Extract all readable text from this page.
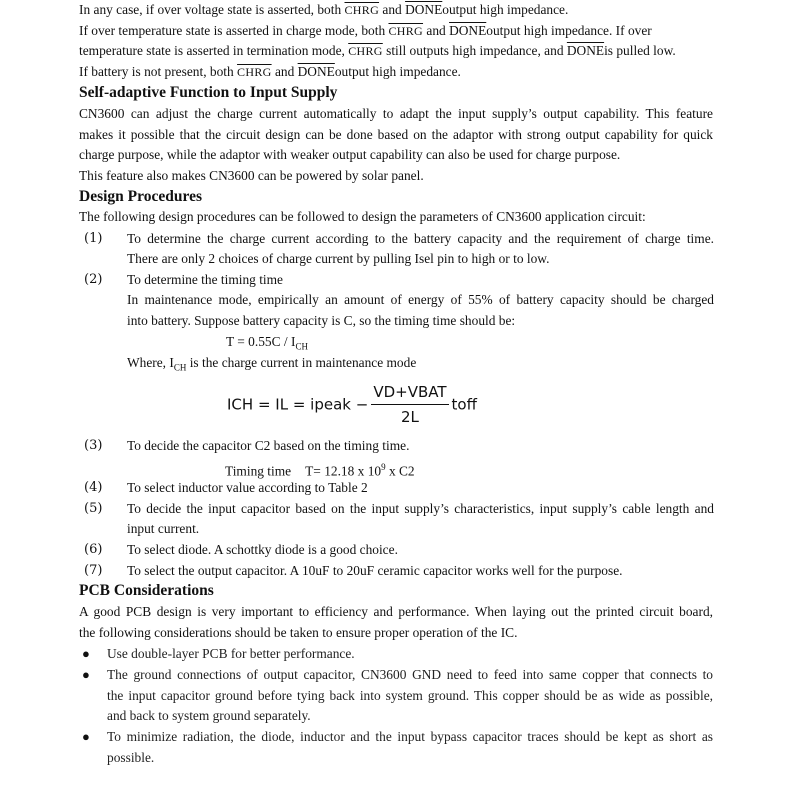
In any case, if over voltage state is asserted, both CHRG and DONEoutput high impedance.
If over temperature state is asserted in charge mode, both CHRG and DONEoutput high impedance. If over
temperature state is asserted in termination mode, CHRG still outputs high impedance, and DONEis pulled low.
If battery is not present, both CHRG and DONEoutput high impedance.
Self-adaptive Function to Input Supply
CN3600 can adjust the charge current automatically to adapt the input supply’s output capability. This feature
makes it possible that the circuit design can be done based on the adaptor with strong output capability for quick
charge purpose, while the adaptor with weaker output capability can also be used for charge purpose.
This feature also makes CN3600 can be powered by solar panel.
Design Procedures
The following design procedures can be followed to design the parameters of CN3600 application circuit:
(1) To determine the charge current according to the battery capacity and the requirement of charge time.
There are only 2 choices of charge current by pulling Isel pin to high or to low.
(2) To determine the timing time
In maintenance mode, empirically an amount of energy of 55% of battery capacity should be charged
into battery. Suppose battery capacity is C, so the timing time should be:
$T = 0.55C / I_{CH}$
Where, $I_{CH}$ is the charge current in maintenance mode
ICH = IL = ipeak − $\frac{\text{VD+VBAT}}{2L}$ toff
(3) To decide the capacitor C2 based on the timing time.
Timing time T= 12.18 x $10^9$ x C2
(4) To select inductor value according to Table 2
(5) To decide the input capacitor based on the input supply’s characteristics, input supply’s cable length and
input current.
(6) To select diode. A schottky diode is a good choice.
(7) To select the output capacitor. A 10uF to 20uF ceramic capacitor works well for the purpose.
PCB Considerations
A good PCB design is very important to efficiency and performance. When laying out the printed circuit board,
the following considerations should be taken to ensure proper operation of the IC.
● Use double-layer PCB for better performance.
● The ground connections of output capacitor, CN3600 GND need to feed into same copper that connects to
the input capacitor ground before tying back into system ground. This copper should be as wide as possible,
and back to system ground separately.
● To minimize radiation, the diode, inductor and the input bypass capacitor traces should be kept as short as
possible.
